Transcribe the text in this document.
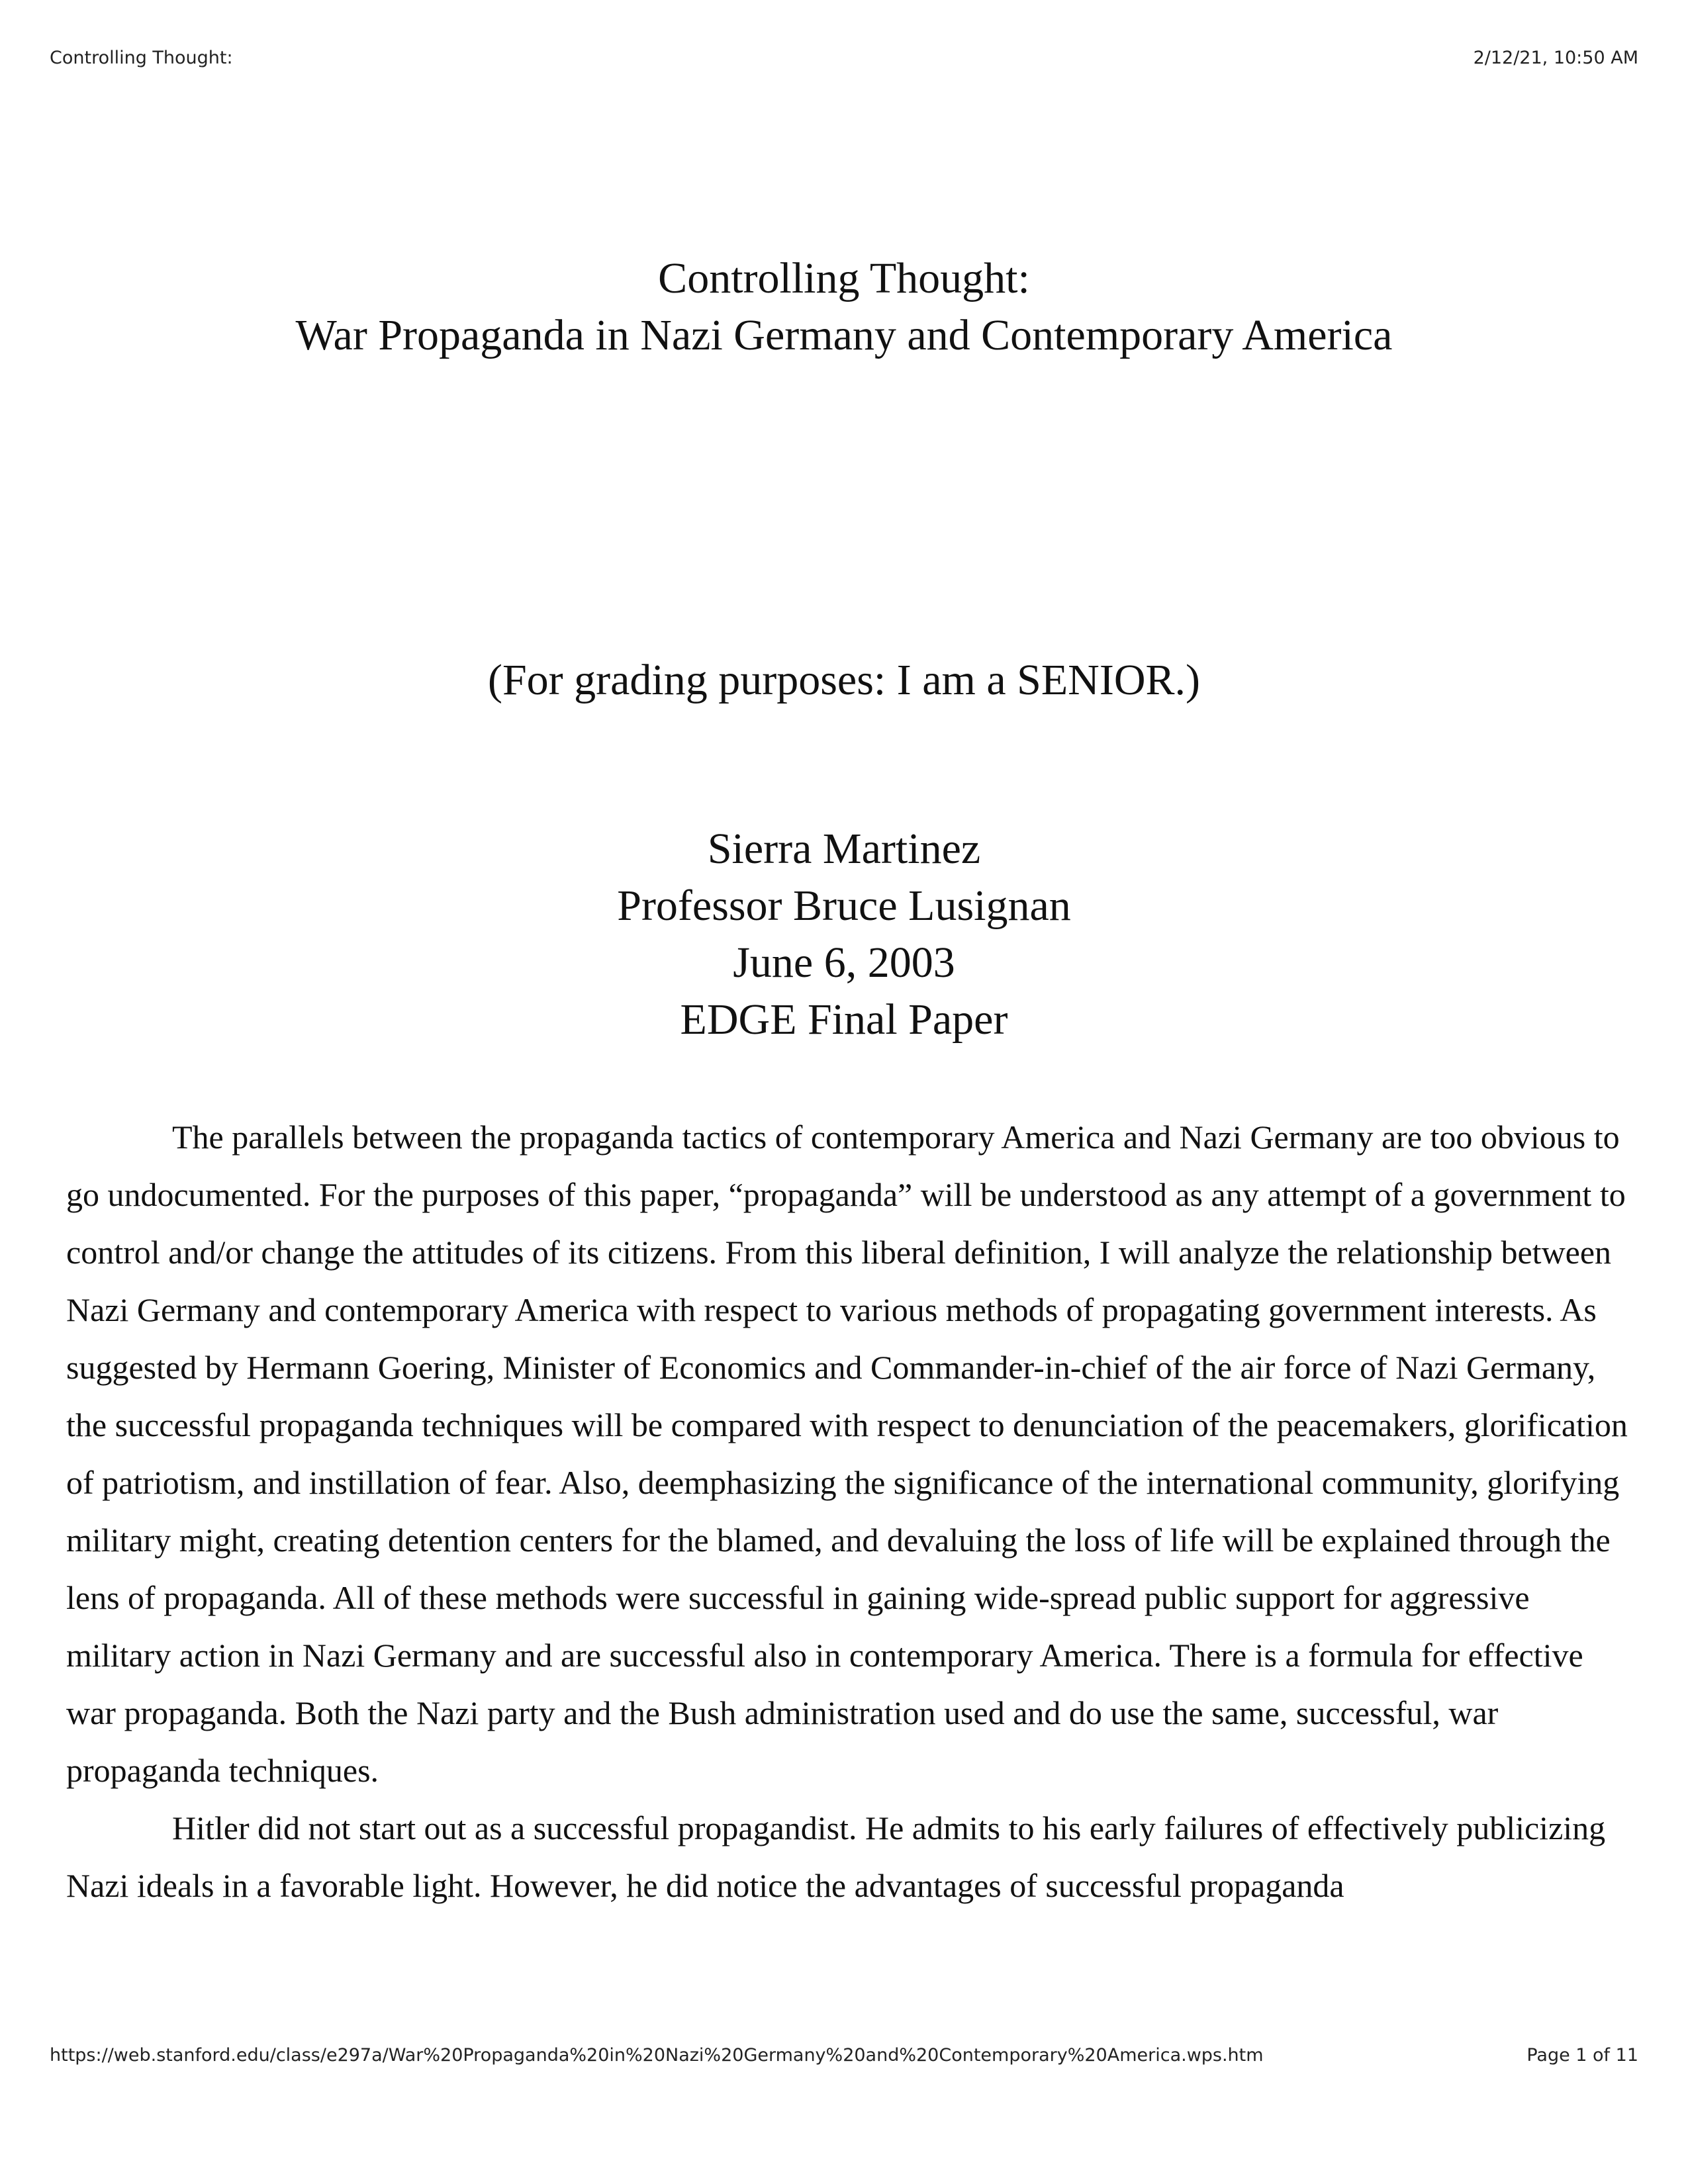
Controlling Thought:	2/12/21, 10:50 AM
Controlling Thought:
War Propaganda in Nazi Germany and Contemporary America
(For grading purposes: I am a SENIOR.)
Sierra Martinez
Professor Bruce Lusignan
June 6, 2003
EDGE Final Paper

The parallels between the propaganda tactics of contemporary America and Nazi Germany are too obvious to go undocumented. For the purposes of this paper, “propaganda” will be understood as any attempt of a government to control and/or change the attitudes of its citizens. From this liberal definition, I will analyze the relationship between Nazi Germany and contemporary America with respect to various methods of propagating government interests. As suggested by Hermann Goering, Minister of Economics and Commander-in-chief of the air force of Nazi Germany, the successful propaganda techniques will be compared with respect to denunciation of the peacemakers, glorification of patriotism, and instillation of fear. Also, deemphasizing the significance of the international community, glorifying military might, creating detention centers for the blamed, and devaluing the loss of life will be explained through the lens of propaganda. All of these methods were successful in gaining wide-spread public support for aggressive military action in Nazi Germany and are successful also in contemporary America. There is a formula for effective war propaganda. Both the Nazi party and the Bush administration used and do use the same, successful, war propaganda techniques.

Hitler did not start out as a successful propagandist. He admits to his early failures of effectively publicizing Nazi ideals in a favorable light. However, he did notice the advantages of successful propaganda

https://web.stanford.edu/class/e297a/War%20Propaganda%20in%20Nazi%20Germany%20and%20Contemporary%20America.wps.htm	Page 1 of 11
